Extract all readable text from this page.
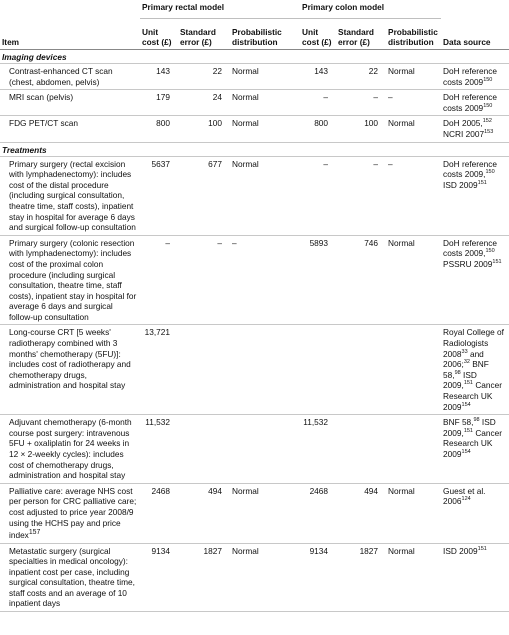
	Primary rectal model			Primary colon model			
Item	Unit cost (£)	Standard error (£)	Probabilistic distribution	Unit cost (£)	Standard error (£)	Probabilistic distribution	Data source
Imaging devices							
Contrast-enhanced CT scan (chest, abdomen, pelvis)	143	22	Normal	143	22	Normal	DoH reference costs 2009$^{150}$
MRI scan (pelvis)	179	24	Normal	–	–	–	DoH reference costs 2009$^{150}$
FDG PET/CT scan	800	100	Normal	800	100	Normal	DoH 2005,$^{152}$ NCRI 2007$^{153}$
Treatments							
Primary surgery (rectal excision with lymphadenectomy): includes cost of the distal procedure (including surgical consultation, theatre time, staff costs), inpatient stay in hospital for average 6 days and surgical follow-up consultation	5637	677	Normal	–	–	–	DoH reference costs 2009,$^{150}$ ISD 2009$^{151}$
Primary surgery (colonic resection with lymphadenectomy): includes cost of the proximal colon procedure (including surgical consultation, theatre time, staff costs), inpatient stay in hospital for average 6 days and surgical follow-up consultation	–	–	–	5893	746	Normal	DoH reference costs 2009,$^{150}$ PSSRU 2009$^{151}$
Long-course CRT [5 weeks' radiotherapy combined with 3 months' chemotherapy (5FU)]: includes cost of radiotherapy and chemotherapy drugs, administration and hospital stay	13,721						Royal College of Radiologists 2008$^{33}$ and 2006;$^{32}$ BNF 58,98 ISD 2009,$^{151}$ Cancer Research UK 2009$^{154}$
Adjuvant chemotherapy (6-month course post surgery: intravenous 5FU + oxaliplatin for 24 weeks in 12 × 2-weekly cycles): includes cost of chemotherapy drugs, administration and hospital stay	11,532			11,532			BNF 58,98 ISD 2009,$^{151}$ Cancer Research UK 2009$^{154}$
Palliative care: average NHS cost per person for CRC palliative care; cost adjusted to price year 2008/9 using the HCHS pay and price index$^{157}$	2468	494	Normal	2468	494	Normal	Guest et al. 2006$^{124}$
Metastatic surgery (surgical specialties in medical oncology): inpatient cost per case, including surgical consultation, theatre time, staff costs and an average of 10 inpatient days	9134	1827	Normal	9134	1827	Normal	ISD 2009$^{151}$
